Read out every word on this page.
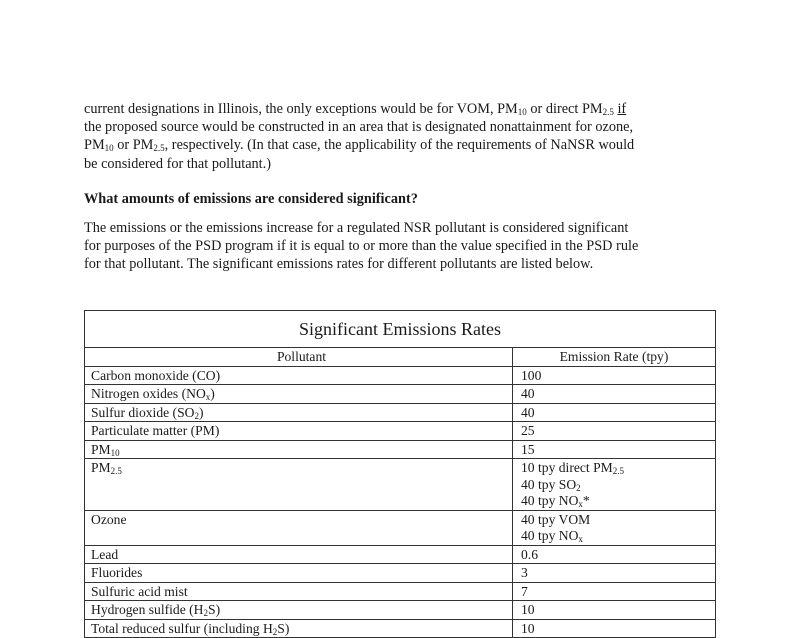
current designations in Illinois, the only exceptions would be for VOM, $PM_{10}$ or direct $PM_{2.5}$ if
the proposed source would be constructed in an area that is designated nonattainment for ozone,
$PM_{10}$ or $PM_{2.5}$, respectively. (In that case, the applicability of the requirements of NaNSR would
be considered for that pollutant.)
What amounts of emissions are considered significant?
The emissions or the emissions increase for a regulated NSR pollutant is considered significant
for purposes of the PSD program if it is equal to or more than the value specified in the PSD rule
for that pollutant. The significant emissions rates for different pollutants are listed below.
Significant Emissions Rates
Pollutant	Emission Rate (tpy)
Carbon monoxide (CO)	100
Nitrogen oxides $(NO_x)$	40
Sulfur dioxide $(SO_2)$	40
Particulate matter (PM)	25
$PM_{10}$	15
$PM_{2.5}$	10 tpy direct $PM_{2.5}$
40 tpy $SO_2$
40 tpy $NO_x*$
Ozone	40 tpy VOM
40 tpy $NO_x$
Lead	0.6
Fluorides	3
Sulfuric acid mist	7
Hydrogen sulfide $(H_2S)$	10
Total reduced sulfur (including $H_2S$)	10
